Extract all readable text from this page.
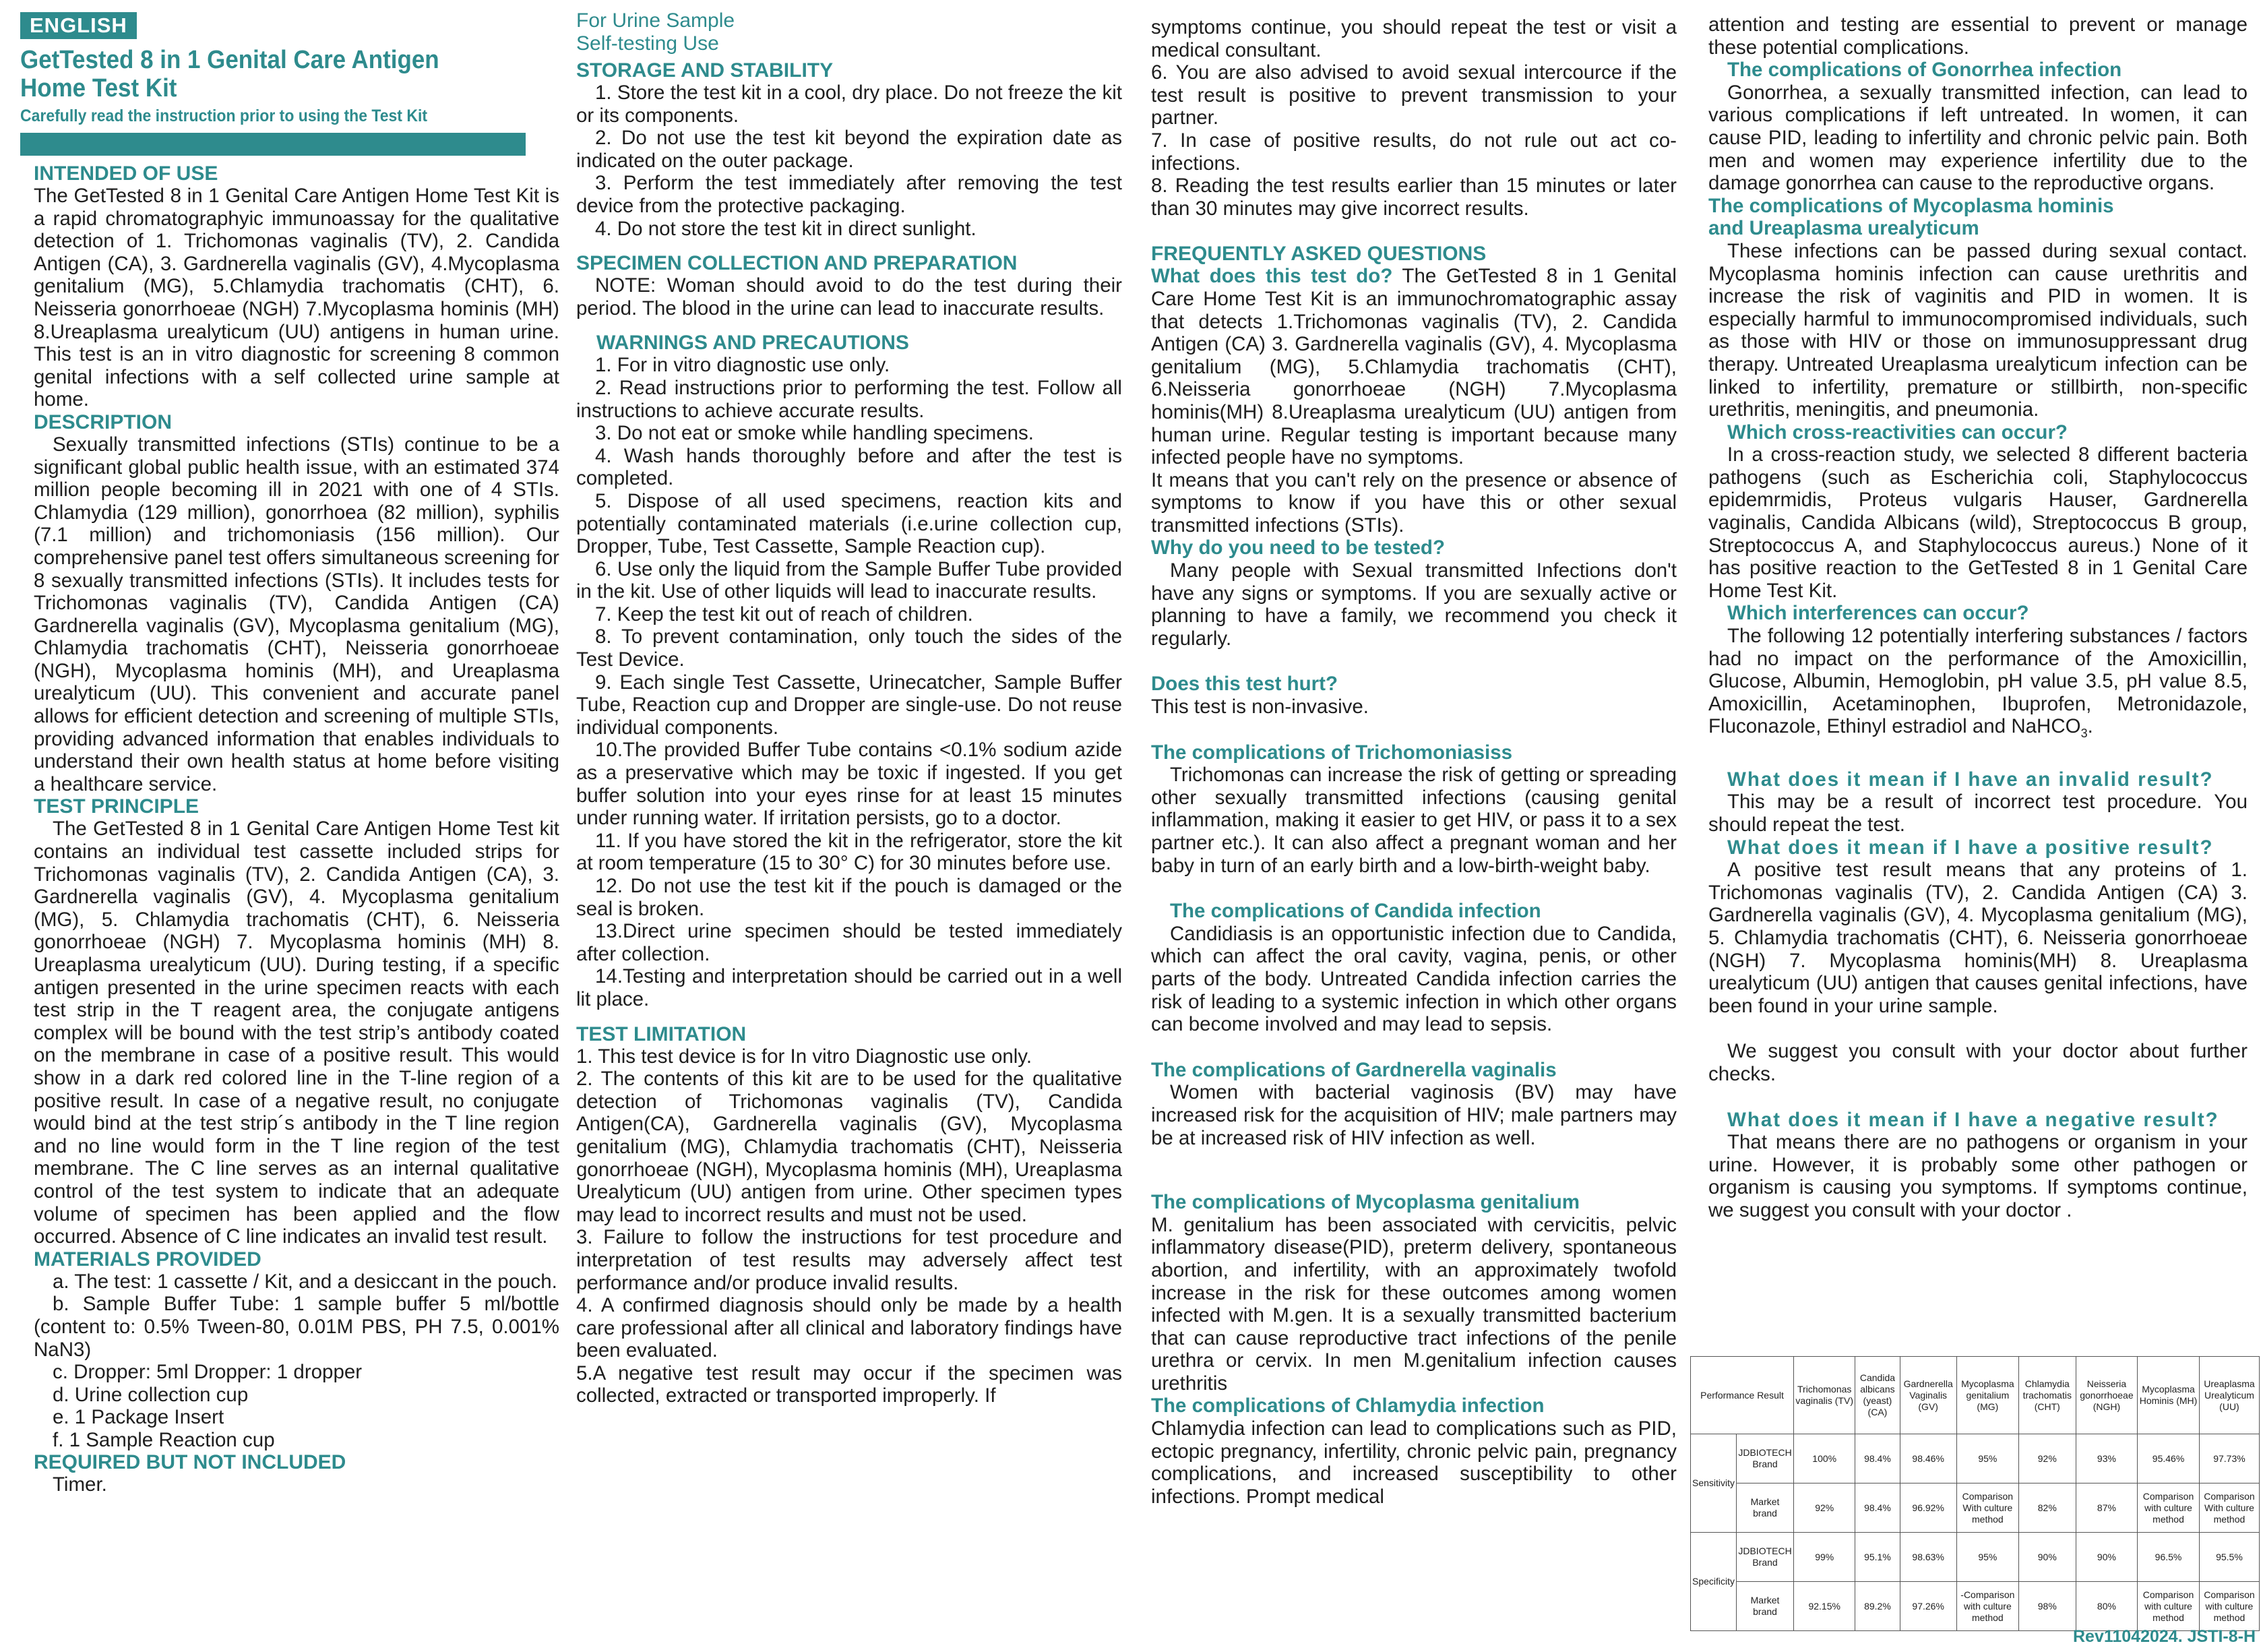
ENGLISH
GetTested 8 in 1 Genital Care Antigen
Home Test Kit
Carefully read the instruction prior to using the Test Kit

INTENDED OF USE

The GetTested 8 in 1 Genital Care Antigen Home Test Kit is a rapid chromatographyic immunoassay for the qualitative detection of 1. Trichomonas vaginalis (TV), 2. Candida Antigen (CA), 3. Gardnerella vaginalis (GV), 4.Mycoplasma genitalium (MG), 5.Chlamydia trachomatis (CHT), 6. Neisseria gonorrhoeae (NGH) 7.Mycoplasma hominis (MH) 8.Ureaplasma urealyticum (UU) antigens in human urine. This test is an in vitro diagnostic for screening 8 common genital infections with a self collected urine sample at home.

DESCRIPTION

Sexually transmitted infections (STIs) continue to be a significant global public health issue, with an estimated 374 million people becoming ill in 2021 with one of 4 STIs. Chlamydia (129 million), gonorrhoea (82 million), syphilis (7.1 million) and trichomoniasis (156 million). Our comprehensive panel test offers simultaneous screening for 8 sexually transmitted infections (STIs). It includes tests for Trichomonas vaginalis (TV), Candida Antigen (CA) Gardnerella vaginalis (GV), Mycoplasma genitalium (MG), Chlamydia trachomatis (CHT), Neisseria gonorrhoeae (NGH), Mycoplasma hominis (MH), and Ureaplasma urealyticum (UU). This convenient and accurate panel allows for efficient detection and screening of multiple STIs, providing advanced information that enables individuals to understand their own health status at home before visiting a healthcare service.

TEST PRINCIPLE

The GetTested 8 in 1 Genital Care Antigen Home Test kit contains an individual test cassette included strips for Trichomonas vaginalis (TV), 2. Candida Antigen (CA), 3. Gardnerella vaginalis (GV), 4. Mycoplasma genitalium (MG), 5. Chlamydia trachomatis (CHT), 6. Neisseria gonorrhoeae (NGH) 7. Mycoplasma hominis (MH) 8. Ureaplasma urealyticum (UU). During testing, if a specific antigen presented in the urine specimen reacts with each test strip in the T reagent area, the conjugate antigens complex will be bound with the test strip’s antibody coated on the membrane in case of a positive result. This would show in a dark red colored line in the T-line region of a positive result. In case of a negative result, no conjugate would bind at the test strip´s antibody in the T line region and no line would form in the T line region of the test membrane. The C line serves as an internal qualitative control of the test system to indicate that an adequate volume of specimen has been applied and the flow occurred. Absence of C line indicates an invalid test result.

MATERIALS PROVIDED

a. The test: 1 cassette / Kit, and a desiccant in the pouch.

b. Sample Buffer Tube: 1 sample buffer 5 ml/bottle (content to: 0.5% Tween-80, 0.01M PBS, PH 7.5, 0.001% NaN3)

c. Dropper: 5ml Dropper: 1 dropper

d. Urine collection cup

e. 1 Package Insert

f. 1 Sample Reaction cup

REQUIRED BUT NOT INCLUDED

Timer.

For Urine Sample

Self-testing Use

STORAGE AND STABILITY

1. Store the test kit in a cool, dry place. Do not freeze the kit or its components.

2. Do not use the test kit beyond the expiration date as indicated on the outer package.

3. Perform the test immediately after removing the test device from the protective packaging.

4. Do not store the test kit in direct sunlight.

SPECIMEN COLLECTION AND PREPARATION

NOTE: Woman should avoid to do the test during their period. The blood in the urine can lead to inaccurate results.

WARNINGS AND PRECAUTIONS

1. For in vitro diagnostic use only.

2. Read instructions prior to performing the test. Follow all instructions to achieve accurate results.

3. Do not eat or smoke while handling specimens.

4. Wash hands thoroughly before and after the test is completed.

5. Dispose of all used specimens, reaction kits and potentially contaminated materials (i.e.urine collection cup, Dropper, Tube, Test Cassette, Sample Reaction cup).

6. Use only the liquid from the Sample Buffer Tube provided in the kit. Use of other liquids will lead to inaccurate results.

7. Keep the test kit out of reach of children.

8. To prevent contamination, only touch the sides of the Test Device.

9. Each single Test Cassette, Urinecatcher, Sample Buffer Tube, Reaction cup and Dropper are single-use. Do not reuse individual components.

10.The provided Buffer Tube contains <0.1% sodium azide as a preservative which may be toxic if ingested. If you get buffer solution into your eyes rinse for at least 15 minutes under running water. If irritation persists, go to a doctor.

11. If you have stored the kit in the refrigerator, store the kit at room temperature (15 to 30° C) for 30 minutes before use.

12. Do not use the test kit if the pouch is damaged or the seal is broken.

13.Direct urine specimen should be tested immediately after collection.

14.Testing and interpretation should be carried out in a well lit place.

TEST LIMITATION

1. This test device is for In vitro Diagnostic use only.

2. The contents of this kit are to be used for the qualitative detection of Trichomonas vaginalis (TV), Candida Antigen(CA), Gardnerella vaginalis (GV), Mycoplasma genitalium (MG), Chlamydia trachomatis (CHT), Neisseria gonorrhoeae (NGH), Mycoplasma hominis (MH), Ureaplasma Urealyticum (UU) antigen from urine. Other specimen types may lead to incorrect results and must not be used.

3. Failure to follow the instructions for test procedure and interpretation of test results may adversely affect test performance and/or produce invalid results.

4. A confirmed diagnosis should only be made by a health care professional after all clinical and laboratory findings have been evaluated.

5.A negative test result may occur if the specimen was collected, extracted or transported improperly. If

symptoms continue, you should repeat the test or visit a medical consultant.

6. You are also advised to avoid sexual intercource if the test result is positive to prevent transmission to your partner.

7. In case of positive results, do not rule out act co-infections.

8. Reading the test results earlier than 15 minutes or later than 30 minutes may give incorrect results.

FREQUENTLY ASKED QUESTIONS

What does this test do? The GetTested 8 in 1 Genital Care Home Test Kit is an immunochromatographic assay that detects 1.Trichomonas vaginalis (TV), 2. Candida Antigen (CA) 3. Gardnerella vaginalis (GV), 4. Mycoplasma genitalium (MG), 5.Chlamydia trachomatis (CHT), 6.Neisseria gonorrhoeae (NGH) 7.Mycoplasma hominis(MH) 8.Ureaplasma urealyticum (UU) antigen from human urine. Regular testing is important because many infected people have no symptoms.

It means that you can't rely on the presence or absence of symptoms to know if you have this or other sexual transmitted infections (STIs).

Why do you need to be tested?

Many people with Sexual transmitted Infections don't have any signs or symptoms. If you are sexually active or planning to have a family, we recommend you check it regularly.

Does this test hurt?

This test is non-invasive.

The complications of Trichomoniasiss

Trichomonas can increase the risk of getting or spreading other sexually transmitted infections (causing genital inflammation, making it easier to get HIV, or pass it to a sex partner etc.). It can also affect a pregnant woman and her baby in turn of an early birth and a low-birth-weight baby.

The complications of Candida infection

Candidiasis is an opportunistic infection due to Candida, which can affect the oral cavity, vagina, penis, or other parts of the body. Untreated Candida infection carries the risk of leading to a systemic infection in which other organs can become involved and may lead to sepsis.

The complications of Gardnerella vaginalis

Women with bacterial vaginosis (BV) may have increased risk for the acquisition of HIV; male partners may be at increased risk of HIV infection as well.

The complications of Mycoplasma genitalium

M. genitalium has been associated with cervicitis, pelvic inflammatory disease(PID), preterm delivery, spontaneous abortion, and infertility, with an approximately twofold increase in the risk for these outcomes among women infected with M.gen. It is a sexually transmitted bacterium that can cause reproductive tract infections of the penile urethra or cervix. In men M.genitalium infection causes urethritis

The complications of Chlamydia infection

Chlamydia infection can lead to complications such as PID, ectopic pregnancy, infertility, chronic pelvic pain, pregnancy complications, and increased susceptibility to other infections. Prompt medical

attention and testing are essential to prevent or manage these potential complications.

The complications of Gonorrhea infection

Gonorrhea, a sexually transmitted infection, can lead to various complications if left untreated. In women, it can cause PID, leading to infertility and chronic pelvic pain. Both men and women may experience infertility due to the damage gonorrhea can cause to the reproductive organs.

The complications of Mycoplasma hominis

and Ureaplasma urealyticum

These infections can be passed during sexual contact. Mycoplasma hominis infection can cause urethritis and increase the risk of vaginitis and PID in women. It is especially harmful to immunocompromised individuals, such as those with HIV or those on immunosuppressant drug therapy. Untreated Ureaplasma urealyticum infection can be linked to infertility, premature or stillbirth, non-specific urethritis, meningitis, and pneumonia.

Which cross-reactivities can occur?

In a cross-reaction study, we selected 8 different bacteria pathogens (such as Escherichia coli, Staphylococcus epidemrmidis, Proteus vulgaris Hauser, Gardnerella vaginalis, Candida Albicans (wild), Streptococcus B group, Streptococcus A, and Staphylococcus aureus.) None of it has positive reaction to the GetTested 8 in 1 Genital Care Home Test Kit.

Which interferences can occur?

The following 12 potentially interfering substances / factors had no impact on the performance of the Amoxicillin, Glucose, Albumin, Hemoglobin, pH value 3.5, pH value 8.5, Amoxicillin, Acetaminophen, Ibuprofen, Metronidazole, Fluconazole, Ethinyl estradiol and NaHCO$_3$.

What does it mean if I have an invalid result?

This may be a result of incorrect test procedure. You should repeat the test.

What does it mean if I have a positive result?

A positive test result means that any proteins of 1. Trichomonas vaginalis (TV), 2. Candida Antigen (CA) 3. Gardnerella vaginalis (GV), 4. Mycoplasma genitalium (MG), 5. Chlamydia trachomatis (CHT), 6. Neisseria gonorrhoeae (NGH) 7. Mycoplasma hominis(MH) 8. Ureaplasma urealyticum (UU) antigen that causes genital infections, have been found in your urine sample.

We suggest you consult with your doctor about further checks.

What does it mean if I have a negative result?

That means there are no pathogens or organism in your urine. However, it is probably some other pathogen or organism is causing you symptoms. If symptoms continue, we suggest you consult with your doctor .

Performance Result		Trichomonas vaginalis (TV)	Candida albicans (yeast) (CA)	Gardnerella Vaginalis (GV)	Mycoplasma genitalium (MG)	Chlamydia trachomatis (CHT)	Neisseria gonorrhoeae (NGH)	Mycoplasma Hominis (MH)	Ureaplasma Urealyticum (UU)
Sensitivity	JDBIOTECH Brand	100%	98.4%	98.46%	95%	92%	93%	95.46%	97.73%
	Market brand	92%	98.4%	96.92%	Comparison With culture method	82%	87%	Comparison with culture method	Comparison With culture method
Specificity	JDBIOTECH Brand	99%	95.1%	98.63%	95%	90%	90%	96.5%	95.5%
	Market brand	92.15%	89.2%	97.26%	-Comparison with culture method	98%	80%	Comparison with culture method	Comparison with culture method
Rev11042024. JSTI-8-H
